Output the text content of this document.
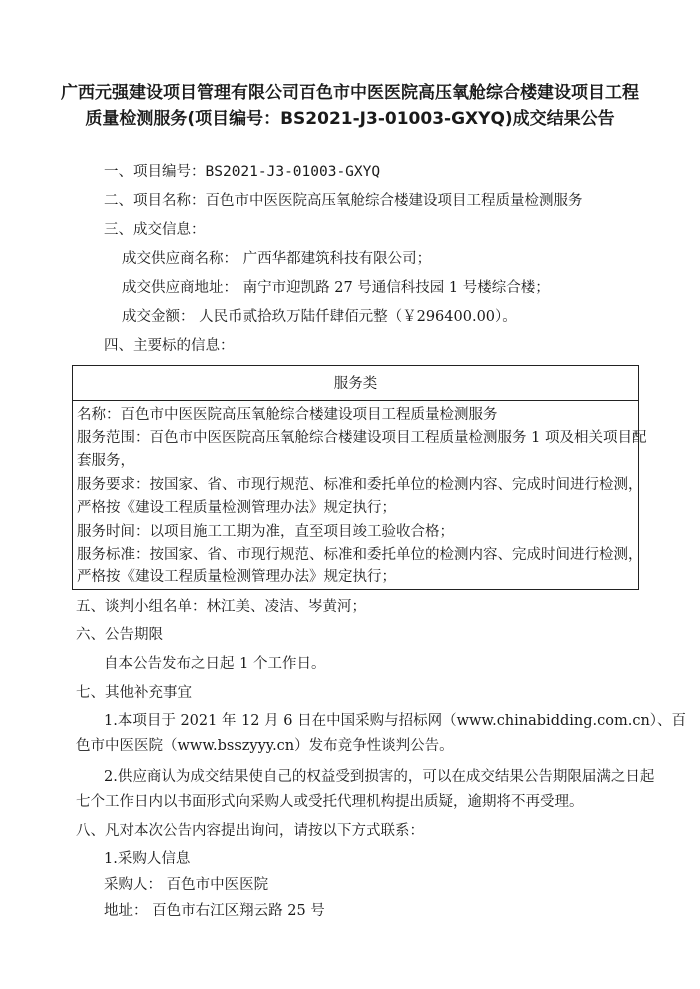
广西元强建设项目管理有限公司百色市中医医院高压氧舱综合楼建设项目工程
质量检测服务(项目编号：BS2021-J3-01003-GXYQ)成交结果公告
一、项目编号：BS2021-J3-01003-GXYQ
二、项目名称：百色市中医医院高压氧舱综合楼建设项目工程质量检测服务
三、成交信息：
成交供应商名称： 广西华都建筑科技有限公司；
成交供应商地址： 南宁市迎凯路 27 号通信科技园 1 号楼综合楼；
成交金额： 人民币贰拾玖万陆仟肆佰元整（￥296400.00）。
四、主要标的信息：
服务类
名称：百色市中医医院高压氧舱综合楼建设项目工程质量检测服务
服务范围：百色市中医医院高压氧舱综合楼建设项目工程质量检测服务 1 项及相关项目配
套服务，
服务要求：按国家、省、市现行规范、标准和委托单位的检测内容、完成时间进行检测，
严格按《建设工程质量检测管理办法》规定执行；
服务时间：以项目施工工期为准，直至项目竣工验收合格；
服务标准：按国家、省、市现行规范、标准和委托单位的检测内容、完成时间进行检测，
严格按《建设工程质量检测管理办法》规定执行；
五、谈判小组名单：林江美、凌洁、岑黄河；
六、公告期限
自本公告发布之日起 1 个工作日。
七、其他补充事宜
1.本项目于 2021 年 12 月 6 日在中国采购与招标网（www.chinabidding.com.cn）、百
色市中医医院（www.bsszyyy.cn）发布竞争性谈判公告。
2.供应商认为成交结果使自己的权益受到损害的，可以在成交结果公告期限届满之日起
七个工作日内以书面形式向采购人或受托代理机构提出质疑，逾期将不再受理。
八、凡对本次公告内容提出询问，请按以下方式联系：
1.采购人信息
采购人： 百色市中医医院
地址： 百色市右江区翔云路 25 号
